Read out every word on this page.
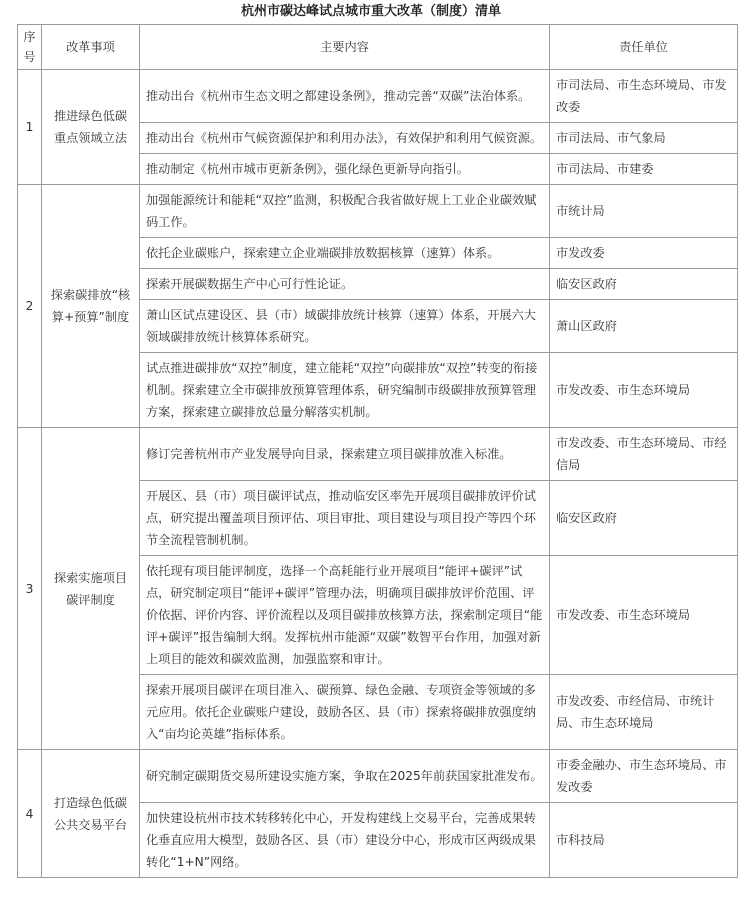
杭州市碳达峰试点城市重大改革（制度）清单
序号	改革事项	主要内容	责任单位
1	推进绿色低碳重点领域立法	推动出台《杭州市生态文明之都建设条例》，推动完善“双碳”法治体系。	市司法局、市生态环境局、市发改委
		推动出台《杭州市气候资源保护和利用办法》，有效保护和利用气候资源。	市司法局、市气象局
		推动制定《杭州市城市更新条例》，强化绿色更新导向指引。	市司法局、市建委
2	探索碳排放“核算+预算”制度	加强能源统计和能耗“双控”监测，积极配合我省做好规上工业企业碳效赋码工作。	市统计局
		依托企业碳账户，探索建立企业端碳排放数据核算（速算）体系。	市发改委
		探索开展碳数据生产中心可行性论证。	临安区政府
		萧山区试点建设区、县（市）域碳排放统计核算（速算）体系，开展六大领域碳排放统计核算体系研究。	萧山区政府
		试点推进碳排放“双控”制度，建立能耗“双控”向碳排放“双控”转变的衔接机制。探索建立全市碳排放预算管理体系，研究编制市级碳排放预算管理方案，探索建立碳排放总量分解落实机制。	市发改委、市生态环境局
3	探索实施项目碳评制度	修订完善杭州市产业发展导向目录，探索建立项目碳排放准入标准。	市发改委、市生态环境局、市经信局
		开展区、县（市）项目碳评试点，推动临安区率先开展项目碳排放评价试点，研究提出覆盖项目预评估、项目审批、项目建设与项目投产等四个环节全流程管制机制。	临安区政府
		依托现有项目能评制度，选择一个高耗能行业开展项目“能评+碳评”试点，研究制定项目“能评+碳评”管理办法，明确项目碳排放评价范围、评价依据、评价内容、评价流程以及项目碳排放核算方法，探索制定项目“能评+碳评”报告编制大纲。发挥杭州市能源“双碳”数智平台作用，加强对新上项目的能效和碳效监测，加强监察和审计。	市发改委、市生态环境局
		探索开展项目碳评在项目准入、碳预算、绿色金融、专项资金等领域的多元应用。依托企业碳账户建设，鼓励各区、县（市）探索将碳排放强度纳入“亩均论英雄”指标体系。	市发改委、市经信局、市统计局、市生态环境局
4	打造绿色低碳公共交易平台	研究制定碳期货交易所建设实施方案，争取在2025年前获国家批准发布。	市委金融办、市生态环境局、市发改委
		加快建设杭州市技术转移转化中心，开发构建线上交易平台，完善成果转化垂直应用大模型，鼓励各区、县（市）建设分中心，形成市区两级成果转化“1+N”网络。	市科技局
